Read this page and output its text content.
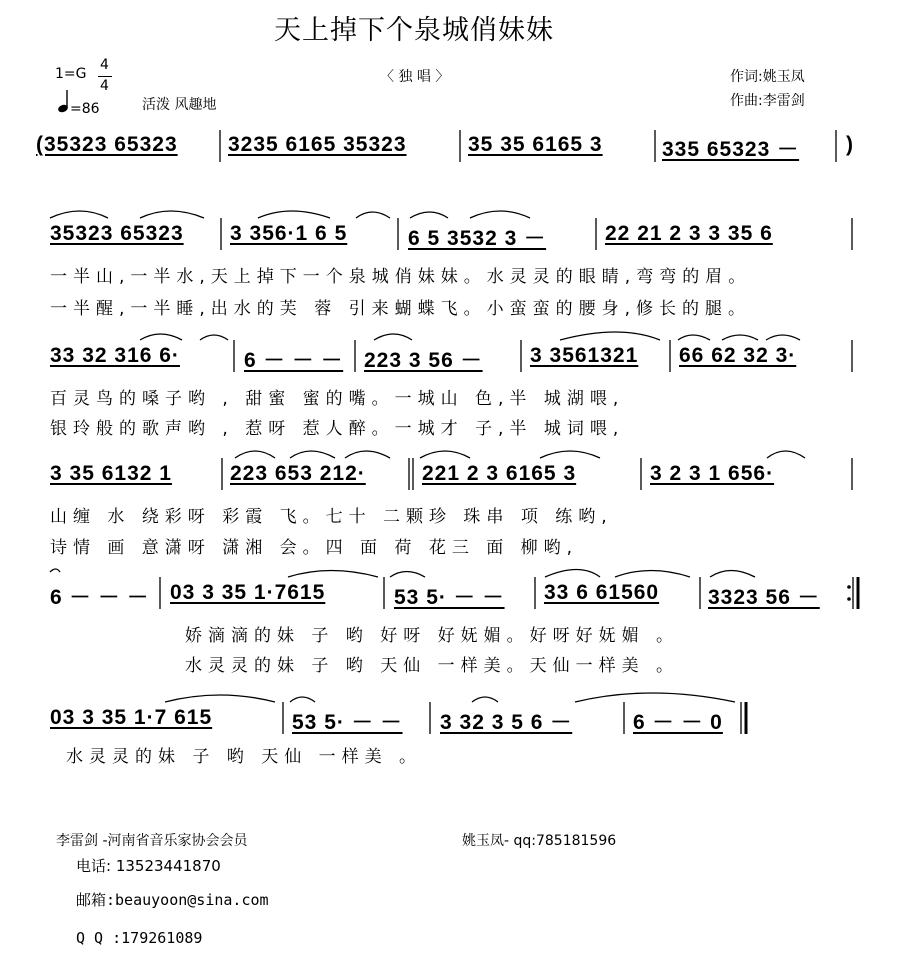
天上掉下个泉城俏妹妹
1=G
4
4
=86	活泼 风趣地
〈 独 唱 〉	作词:姚玉凤
作曲:李雷剑
(35323 65323 3235 6165 35323	35 35 6165 3	335 65323 － )
35323 65323 3 356·1 6 5	6 5 3532 3 －	22 21 2 3 3 35 6
一半山,一半水,天上掉下一个泉城俏妹妹。水灵灵的眼睛,弯弯的眉。
一半醒,一半睡,出水的芙 蓉 引来蝴蝶飞。小蛮蛮的腰身,修长的腿。
33 32 316 6·	6 － － － 223 3 56 － 3 3561321 66 62 32 3·
百灵鸟的嗓子哟 , 甜蜜 蜜的嘴。一城山 色,半 城湖喂,
银玲般的歌声哟 , 惹呀 惹人醉。一城才 子,半 城词喂,
3 35 6132 1	223 653 212·	221 2 3 6165 3	3 2 3 1 656·
山缠 水 绕彩呀 彩霞 飞。七十 二颗珍 珠串 项 练哟,
诗情 画 意潇呀 潇湘 会。四 面 荷 花三 面 柳哟,
6 － － － 03 3 35 1·7615	53 5· － － 33 6 61560 3323 56 －
娇滴滴的妹 子 哟 好呀 好妩媚。好呀好妩媚 。
水灵灵的妹 子 哟 天仙 一样美。天仙一样美 。
03 3 35 1·7 615	53 5· － － 3 32 3 5 6 －	6 － － 0
水灵灵的妹 子 哟 天仙 一样美 。
李雷剑 -河南省音乐家协会会员	姚玉凤- qq:785181596
电话: 13523441870
邮箱:beauyoon@sina.com
Q Q :179261089
